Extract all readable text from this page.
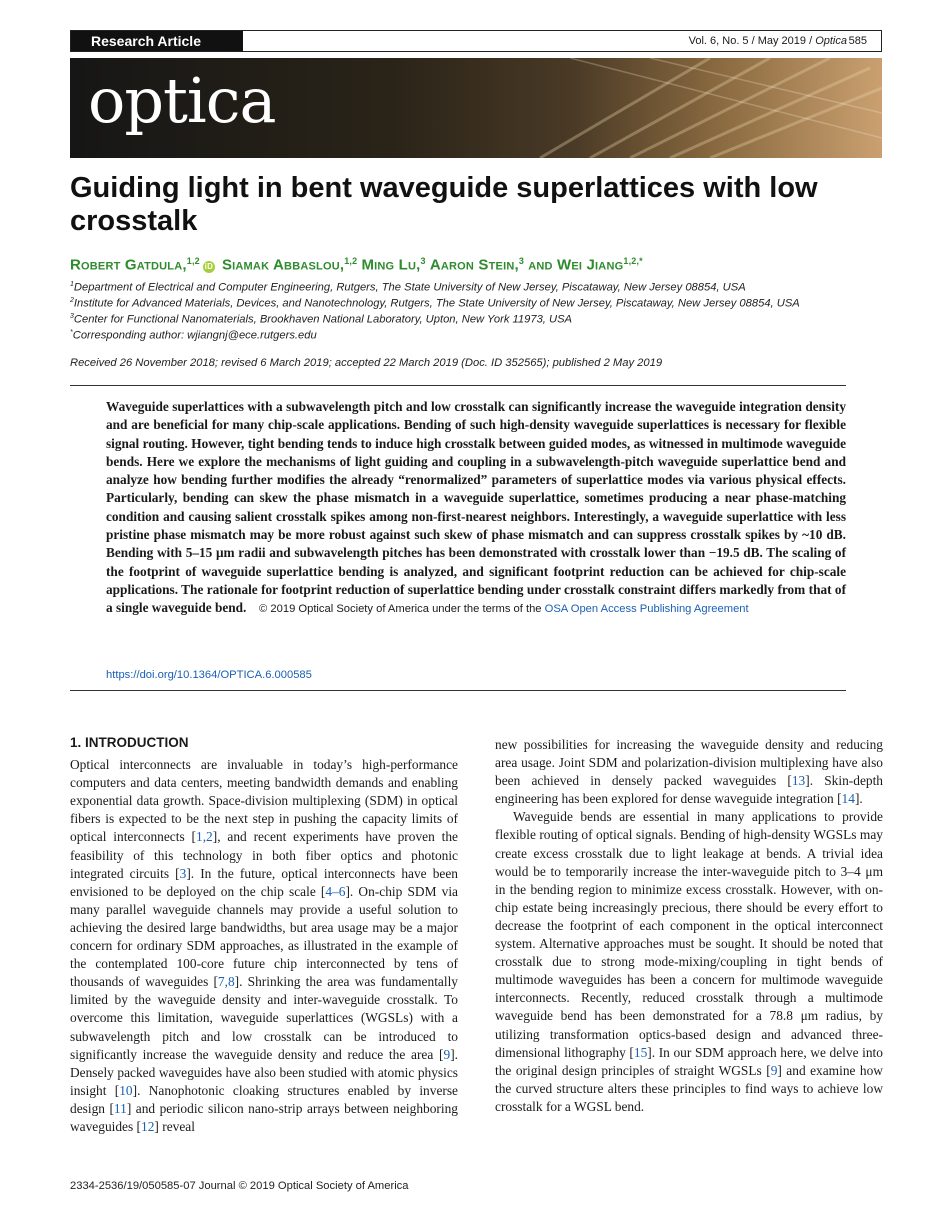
Research Article	Vol. 6, No. 5 / May 2019 / Optica 585
optica
Guiding light in bent waveguide superlattices with low crosstalk
Robert Gatdula,$^{1,2}$iD Siamak Abbaslou,$^{1,2}$ Ming Lu,$^3$ Aaron Stein,$^3$ and Wei Jiang$^{1,2,*}$
$^1$Department of Electrical and Computer Engineering, Rutgers, The State University of New Jersey, Piscataway, New Jersey 08854, USA
$^2$Institute for Advanced Materials, Devices, and Nanotechnology, Rutgers, The State University of New Jersey, Piscataway, New Jersey 08854, USA
$^3$Center for Functional Nanomaterials, Brookhaven National Laboratory, Upton, New York 11973, USA
*Corresponding author: wjiangnj@ece.rutgers.edu
Received 26 November 2018; revised 6 March 2019; accepted 22 March 2019 (Doc. ID 352565); published 2 May 2019
Waveguide superlattices with a subwavelength pitch and low crosstalk can significantly increase the waveguide integration density and are beneficial for many chip-scale applications. Bending of such high-density waveguide superlattices is necessary for flexible signal routing. However, tight bending tends to induce high crosstalk between guided modes, as witnessed in multimode waveguide bends. Here we explore the mechanisms of light guiding and coupling in a subwavelength-pitch waveguide superlattice bend and analyze how bending further modifies the already “renormalized” parameters of superlattice modes via various physical effects. Particularly, bending can skew the phase mismatch in a waveguide superlattice, sometimes producing a near phase-matching condition and causing salient crosstalk spikes among non-first-nearest neighbors. Interestingly, a waveguide superlattice with less pristine phase mismatch may be more robust against such skew of phase mismatch and can suppress crosstalk spikes by ~10 dB. Bending with 5–15 μm radii and subwavelength pitches has been demonstrated with crosstalk lower than −19.5 dB. The scaling of the footprint of waveguide superlattice bending is analyzed, and significant footprint reduction can be achieved for chip-scale applications. The rationale for footprint reduction of superlattice bending under crosstalk constraint differs markedly from that of a single waveguide bend. © 2019 Optical Society of America under the terms of the OSA Open Access Publishing Agreement
https://doi.org/10.1364/OPTICA.6.000585

1. INTRODUCTION

Optical interconnects are invaluable in today’s high-performance computers and data centers, meeting bandwidth demands and enabling exponential data growth. Space-division multiplexing (SDM) in optical fibers is expected to be the next step in pushing the capacity limits of optical interconnects [1,2], and recent experiments have proven the feasibility of this technology in both fiber optics and photonic integrated circuits [3]. In the future, optical interconnects have been envisioned to be deployed on the chip scale [4–6]. On-chip SDM via many parallel waveguide channels may provide a useful solution to achieving the desired large bandwidths, but area usage may be a major concern for ordinary SDM approaches, as illustrated in the example of the contemplated 100-core future chip interconnected by tens of thousands of waveguides [7,8]. Shrinking the area was fundamentally limited by the waveguide density and inter-waveguide crosstalk. To overcome this limitation, waveguide superlattices (WGSLs) with a subwavelength pitch and low crosstalk can be introduced to significantly increase the waveguide density and reduce the area [9]. Densely packed waveguides have also been studied with atomic physics insight [10]. Nanophotonic cloaking structures enabled by inverse design [11] and periodic silicon nano-strip arrays between neighboring waveguides [12] reveal

new possibilities for increasing the waveguide density and reducing area usage. Joint SDM and polarization-division multiplexing have also been achieved in densely packed waveguides [13]. Skin-depth engineering has been explored for dense waveguide integration [14].

Waveguide bends are essential in many applications to provide flexible routing of optical signals. Bending of high-density WGSLs may create excess crosstalk due to light leakage at bends. A trivial idea would be to temporarily increase the inter-waveguide pitch to 3–4 μm in the bending region to minimize excess crosstalk. However, with on-chip estate being increasingly precious, there should be every effort to decrease the footprint of each component in the optical interconnect system. Alternative approaches must be sought. It should be noted that crosstalk due to strong mode-mixing/coupling in tight bends of multimode waveguides has been a concern for multimode waveguide interconnects. Recently, reduced crosstalk through a multimode waveguide bend has been demonstrated for a 78.8 μm radius, by utilizing transformation optics-based design and advanced three-dimensional lithography [15]. In our SDM approach here, we delve into the original design principles of straight WGSLs [9] and examine how the curved structure alters these principles to find ways to achieve low crosstalk for a WGSL bend.

2334-2536/19/050585-07 Journal © 2019 Optical Society of America
